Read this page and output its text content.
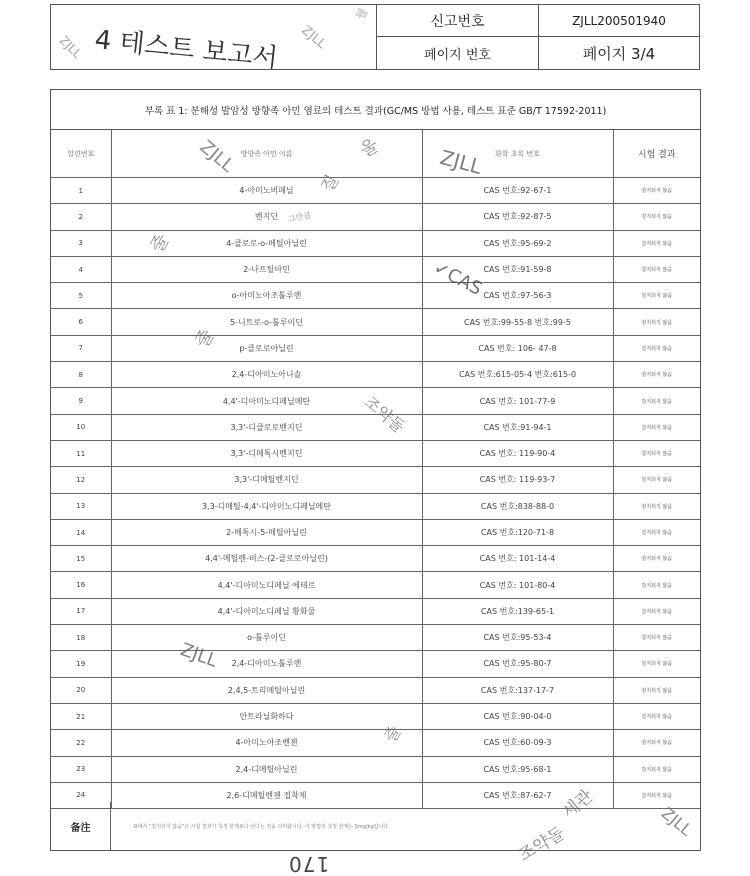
4 테스트 보고서
신고번호	ZJLL200501940
페이지 번호	페이지 3/4
부록 표 1: 분해성 발암성 방향족 아민 염료의 테스트 결과(GC/MS 방법 사용, 테스트 표준 GB/T 17592-2011)
일련번호	방향족 아민 이름	화학 초록 번호	시험 결과
1	4-아미노비페닐	CAS 번호:92-67-1	감지되지 않음
2	벤지딘	CAS 번호:92-87-5	감지되지 않음
3	4-클로로-o-메틸아닐린	CAS 번호:95-69-2	감지되지 않음
4	2-나프틸아민	CAS 번호:91-59-8	감지되지 않음
5	o-아미노아조톨루엔	CAS 번호:97-56-3	감지되지 않음
6	5-니트로-o-톨루이딘	CAS 번호:99-55-8 번호:99-5	감지되지 않음
7	p-클로로아닐린	CAS 번호: 106- 47-8	감지되지 않음
8	2,4-디아미노아니솔	CAS 번호:615-05-4 번호:615-0	감지되지 않음
9	4,4'-디아미노디페닐메탄	CAS 번호: 101-77-9	감지되지 않음
10	3,3'-디클로로벤지딘	CAS 번호:91-94-1	감지되지 않음
11	3,3'-디메톡시벤지딘	CAS 번호: 119-90-4	감지되지 않음
12	3,3'-디메틸벤지딘	CAS 번호: 119-93-7	감지되지 않음
13	3,3-디메틸-4,4'-디아미노디페닐메탄	CAS 번호:838-88-0	감지되지 않음
14	2-메톡시-5-메틸아닐린	CAS 번호:120-71-8	감지되지 않음
15	4,4'-메틸렌-비스-(2-클로로아닐린)	CAS 번호: 101-14-4	감지되지 않음
16	4,4'-디아미노디페닐 에테르	CAS 번호: 101-80-4	감지되지 않음
17	4,4'-디아미노디페닐 황화물	CAS 번호:139-65-1	감지되지 않음
18	o-톨루이딘	CAS 번호:95-53-4	감지되지 않음
19	2,4-디아미노톨루엔	CAS 번호:95-80-7	감지되지 않음
20	2,4,5-트리메틸아닐린	CAS 번호:137-17-7	감지되지 않음
21	안트라닐화하다	CAS 번호:90-04-0	감지되지 않음
22	4-아미노아조벤젠	CAS 번호:60-09-3	감지되지 않음
23	2,4-디메틸아닐린	CAS 번호:95-68-1	감지되지 않음
24	2,6-디메틸벤젠 접착제	CAS 번호:87-62-7	감지되지 않음
备注	표에서 "감지되지 않음"은 시험 결과가 측정 한계보다 낮다는 것을 의미합니다. 이 방법의 측정 한계는 5mg/kg입니다.
170
ZJLL	ZJLL
웰
ZJLL	ZJLL
울
질
줄
그만큼
✓CAS
줄
조약돌
ZJLL
줄
세관
조약돌
ZJLL
